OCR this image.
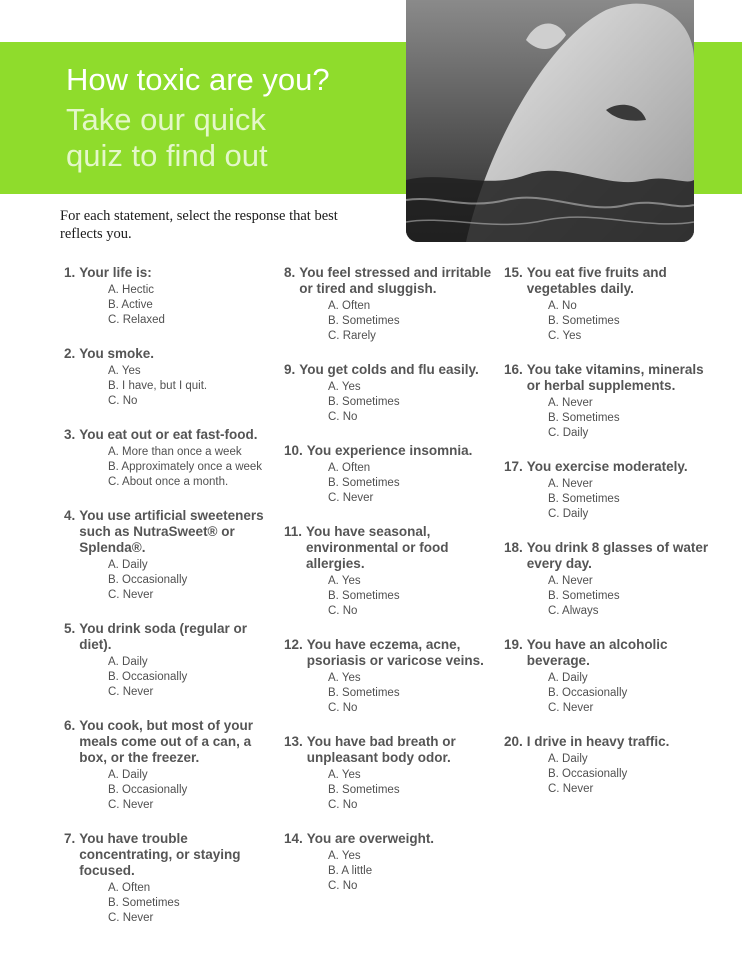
How toxic are you?
Take our quick quiz to find out
For each statement, select the response that best reflects you.
1. Your life is:
A. Hectic
B. Active
C. Relaxed
2. You smoke.
A. Yes
B. I have, but I quit.
C. No
3. You eat out or eat fast-food.
A. More than once a week
B. Approximately once a week
C. About once a month.
4. You use artificial sweeteners such as NutraSweet® or Splenda®.
A. Daily
B. Occasionally
C. Never
5. You drink soda (regular or diet).
A. Daily
B. Occasionally
C. Never
6. You cook, but most of your meals come out of a can, a box, or the freezer.
A. Daily
B. Occasionally
C. Never
7. You have trouble concentrating, or staying focused.
A. Often
B. Sometimes
C. Never
8. You feel stressed and irritable or tired and sluggish.
A. Often
B. Sometimes
C. Rarely
9. You get colds and flu easily.
A. Yes
B. Sometimes
C. No
10. You experience insomnia.
A. Often
B. Sometimes
C. Never
11. You have seasonal, environmental or food allergies.
A. Yes
B. Sometimes
C. No
12. You have eczema, acne, psoriasis or varicose veins.
A. Yes
B. Sometimes
C. No
13. You have bad breath or unpleasant body odor.
A. Yes
B. Sometimes
C. No
14. You are overweight.
A. Yes
B. A little
C. No
15. You eat five fruits and vegetables daily.
A. No
B. Sometimes
C. Yes
16. You take vitamins, minerals or herbal supplements.
A. Never
B. Sometimes
C. Daily
17. You exercise moderately.
A. Never
B. Sometimes
C. Daily
18. You drink 8 glasses of water every day.
A. Never
B. Sometimes
C. Always
19. You have an alcoholic beverage.
A. Daily
B. Occasionally
C. Never
20. I drive in heavy traffic.
A. Daily
B. Occasionally
C. Never
